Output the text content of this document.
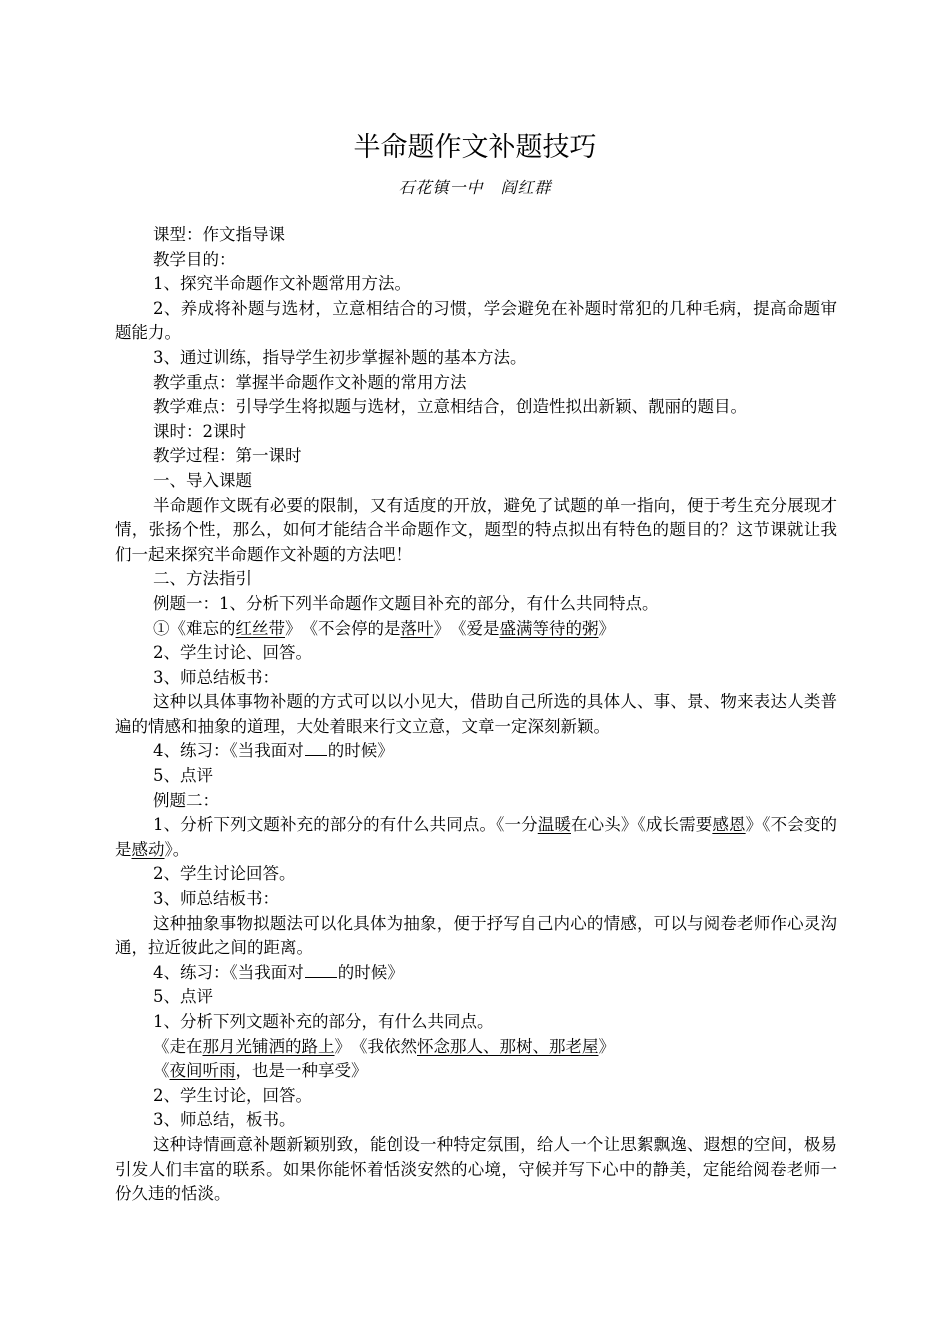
半命题作文补题技巧
石花镇一中　阎红群

课型：作文指导课

教学目的：

1、探究半命题作文补题常用方法。

2、养成将补题与选材，立意相结合的习惯，学会避免在补题时常犯的几种毛病，提高命题审题能力。

3、通过训练，指导学生初步掌握补题的基本方法。

教学重点：掌握半命题作文补题的常用方法

教学难点：引导学生将拟题与选材，立意相结合，创造性拟出新颖、靓丽的题目。

课时：2课时

教学过程：第一课时

一、导入课题

半命题作文既有必要的限制，又有适度的开放，避免了试题的单一指向，便于考生充分展现才情，张扬个性，那么，如何才能结合半命题作文，题型的特点拟出有特色的题目的？这节课就让我们一起来探究半命题作文补题的方法吧！

二、方法指引

例题一：1、分析下列半命题作文题目补充的部分，有什么共同特点。

①《难忘的红丝带》　《不会停的是落叶》　《爱是盛满等待的粥》

2、学生讨论、回答。

3、师总结板书：

这种以具体事物补题的方式可以以小见大，借助自己所选的具体人、事、景、物来表达人类普遍的情感和抽象的道理，大处着眼来行文立意，文章一定深刻新颖。

4、练习：《当我面对 的时候》

5、点评

例题二：

1、分析下列文题补充的部分的有什么共同点。《一分温暖在心头》《成长需要感恩》《不会变的是感动》。

2、学生讨论回答。

3、师总结板书：

这种抽象事物拟题法可以化具体为抽象，便于抒写自己内心的情感，可以与阅卷老师作心灵沟通，拉近彼此之间的距离。

4、练习：《当我面对 的时候》

5、点评

1、分析下列文题补充的部分，有什么共同点。

《走在那月光铺洒的路上》　《我依然怀念那人、那树、那老屋》

《夜间听雨，也是一种享受》

2、学生讨论，回答。

3、师总结，板书。

这种诗情画意补题新颖别致，能创设一种特定氛围，给人一个让思絮飘逸、遐想的空间，极易引发人们丰富的联系。如果你能怀着恬淡安然的心境，守候并写下心中的静美，定能给阅卷老师一份久违的恬淡。
